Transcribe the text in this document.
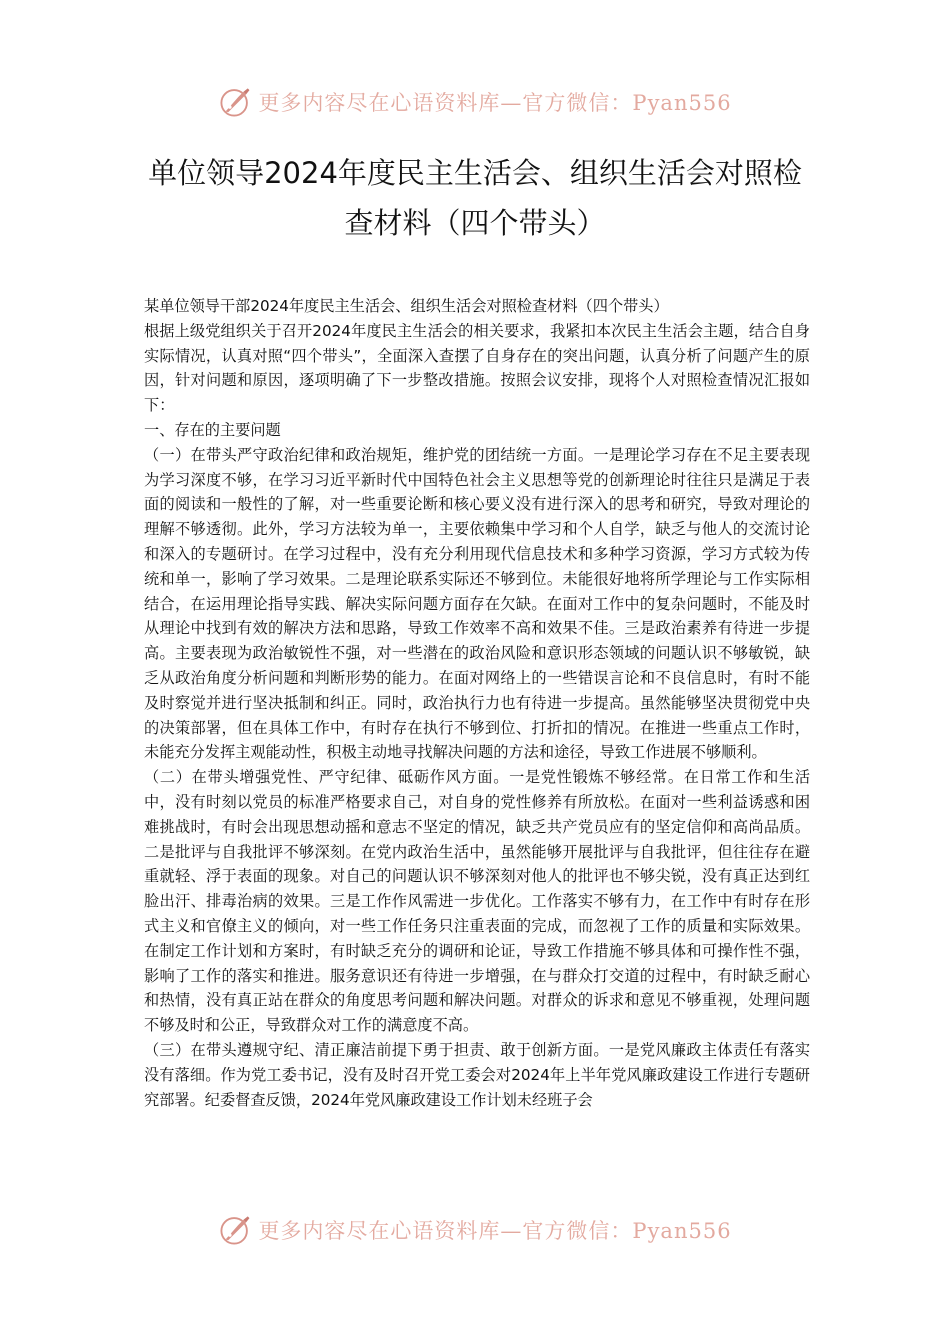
更多内容尽在心语资料库—官方微信：Pyan556
单位领导2024年度民主生活会、组织生活会对照检
查材料（四个带头）

某单位领导干部2024年度民主生活会、组织生活会对照检查材料（四个带头）

根据上级党组织关于召开2024年度民主生活会的相关要求，我紧扣本次民主生活会主题，结合自身实际情况，认真对照“四个带头”，全面深入查摆了自身存在的突出问题，认真分析了问题产生的原因，针对问题和原因，逐项明确了下一步整改措施。按照会议安排，现将个人对照检查情况汇报如下：

一、存在的主要问题

（一）在带头严守政治纪律和政治规矩，维护党的团结统一方面。一是理论学习存在不足主要表现为学习深度不够，在学习习近平新时代中国特色社会主义思想等党的创新理论时往往只是满足于表面的阅读和一般性的了解，对一些重要论断和核心要义没有进行深入的思考和研究，导致对理论的理解不够透彻。此外，学习方法较为单一，主要依赖集中学习和个人自学，缺乏与他人的交流讨论和深入的专题研讨。在学习过程中，没有充分利用现代信息技术和多种学习资源，学习方式较为传统和单一，影响了学习效果。二是理论联系实际还不够到位。未能很好地将所学理论与工作实际相结合，在运用理论指导实践、解决实际问题方面存在欠缺。在面对工作中的复杂问题时，不能及时从理论中找到有效的解决方法和思路，导致工作效率不高和效果不佳。三是政治素养有待进一步提高。主要表现为政治敏锐性不强，对一些潜在的政治风险和意识形态领域的问题认识不够敏锐，缺乏从政治角度分析问题和判断形势的能力。在面对网络上的一些错误言论和不良信息时，有时不能及时察觉并进行坚决抵制和纠正。同时，政治执行力也有待进一步提高。虽然能够坚决贯彻党中央的决策部署，但在具体工作中，有时存在执行不够到位、打折扣的情况。在推进一些重点工作时，未能充分发挥主观能动性，积极主动地寻找解决问题的方法和途径，导致工作进展不够顺利。

（二）在带头增强党性、严守纪律、砥砺作风方面。一是党性锻炼不够经常。在日常工作和生活中，没有时刻以党员的标准严格要求自己，对自身的党性修养有所放松。在面对一些利益诱惑和困难挑战时，有时会出现思想动摇和意志不坚定的情况，缺乏共产党员应有的坚定信仰和高尚品质。二是批评与自我批评不够深刻。在党内政治生活中，虽然能够开展批评与自我批评，但往往存在避重就轻、浮于表面的现象。对自己的问题认识不够深刻对他人的批评也不够尖锐，没有真正达到红脸出汗、排毒治病的效果。三是工作作风需进一步优化。工作落实不够有力，在工作中有时存在形式主义和官僚主义的倾向，对一些工作任务只注重表面的完成，而忽视了工作的质量和实际效果。在制定工作计划和方案时，有时缺乏充分的调研和论证，导致工作措施不够具体和可操作性不强，影响了工作的落实和推进。服务意识还有待进一步增强，在与群众打交道的过程中，有时缺乏耐心和热情，没有真正站在群众的角度思考问题和解决问题。对群众的诉求和意见不够重视，处理问题不够及时和公正，导致群众对工作的满意度不高。

（三）在带头遵规守纪、清正廉洁前提下勇于担责、敢于创新方面。一是党风廉政主体责任有落实没有落细。作为党工委书记，没有及时召开党工委会对2024年上半年党风廉政建设工作进行专题研究部署。纪委督查反馈，2024年党风廉政建设工作计划未经班子会

更多内容尽在心语资料库—官方微信：Pyan556
